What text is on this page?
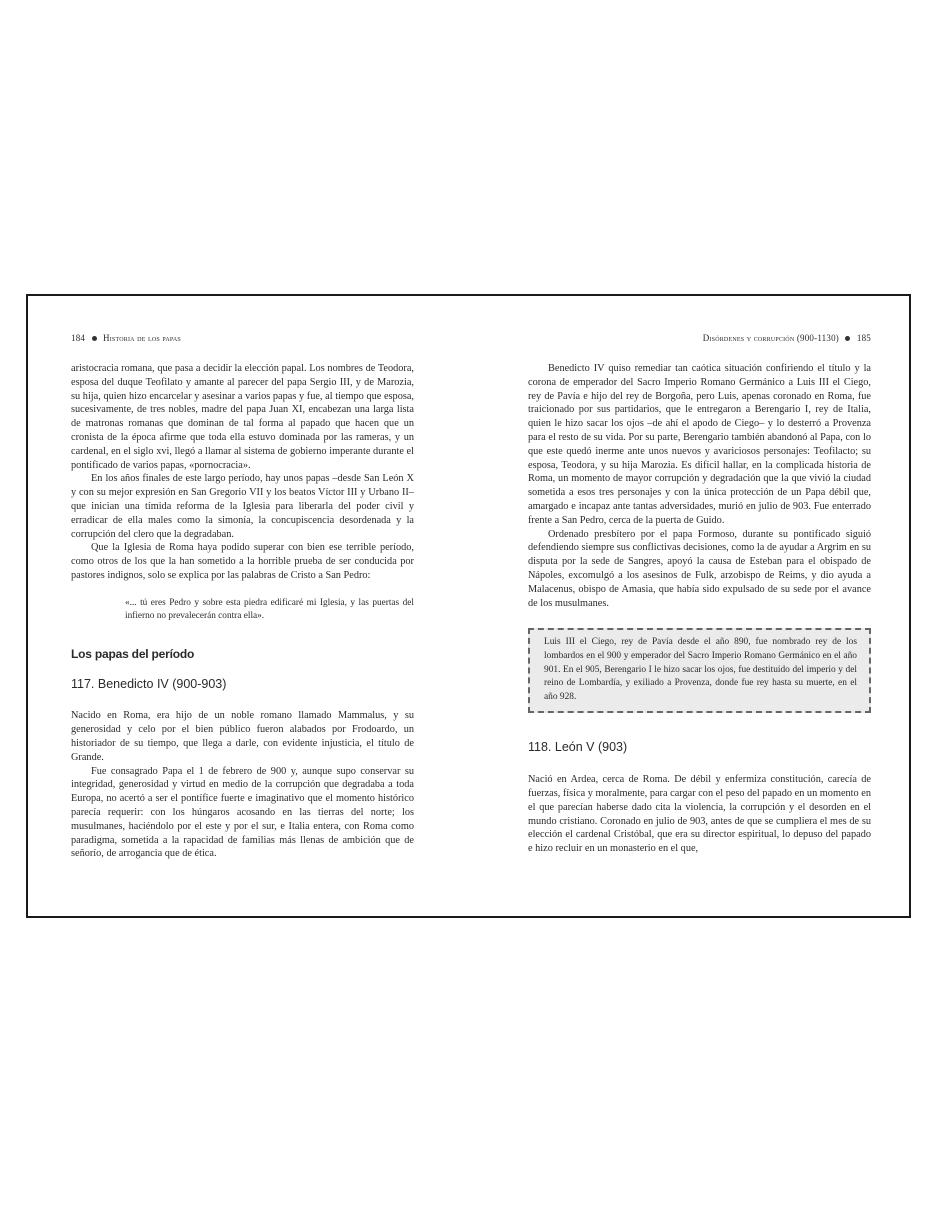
184 Historia de los papas

aristocracia romana, que pasa a decidir la elección papal. Los nombres de Teodora, esposa del duque Teofilato y amante al parecer del papa Sergio III, y de Marozia, su hija, quien hizo encarcelar y asesinar a varios papas y fue, al tiempo que esposa, sucesivamente, de tres nobles, madre del papa Juan XI, encabezan una larga lista de matronas romanas que dominan de tal forma al papado que hacen que un cronista de la época afirme que toda ella estuvo dominada por las rameras, y un cardenal, en el siglo xvi, llegó a llamar al sistema de gobierno imperante durante el pontificado de varios papas, «pornocracia».

En los años finales de este largo período, hay unos papas –desde San León X y con su mejor expresión en San Gregorio VII y los beatos Víctor III y Urbano II– que inician una tímida reforma de la Iglesia para liberarla del poder civil y erradicar de ella males como la simonía, la concupiscencia desordenada y la corrupción del clero que la degradaban.

Que la Iglesia de Roma haya podido superar con bien ese terrible período, como otros de los que la han sometido a la horrible prueba de ser conducida por pastores indignos, solo se explica por las palabras de Cristo a San Pedro:

«... tú eres Pedro y sobre esta piedra edificaré mi Iglesia, y las puertas del infierno no prevalecerán contra ella».
Los papas del período
117. Benedicto IV (900-903)

Nacido en Roma, era hijo de un noble romano llamado Mammalus, y su generosidad y celo por el bien público fueron alabados por Frodoardo, un historiador de su tiempo, que llega a darle, con evidente injusticia, el título de Grande.

Fue consagrado Papa el 1 de febrero de 900 y, aunque supo conservar su integridad, generosidad y virtud en medio de la corrupción que degradaba a toda Europa, no acertó a ser el pontífice fuerte e imaginativo que el momento histórico parecía requerir: con los húngaros acosando en las tierras del norte; los musulmanes, haciéndolo por el este y por el sur, e Italia entera, con Roma como paradigma, sometida a la rapacidad de familias más llenas de ambición que de señorío, de arrogancia que de ética.

Disórdenes y corrupción (900-1130) 185

Benedicto IV quiso remediar tan caótica situación confiriendo el título y la corona de emperador del Sacro Imperio Romano Germánico a Luis III el Ciego, rey de Pavía e hijo del rey de Borgoña, pero Luis, apenas coronado en Roma, fue traicionado por sus partidarios, que le entregaron a Berengario I, rey de Italia, quien le hizo sacar los ojos –de ahí el apodo de Ciego– y lo desterró a Provenza para el resto de su vida. Por su parte, Berengario también abandonó al Papa, con lo que este quedó inerme ante unos nuevos y avariciosos personajes: Teofilacto; su esposa, Teodora, y su hija Marozia. Es difícil hallar, en la complicada historia de Roma, un momento de mayor corrupción y degradación que la que vivió la ciudad sometida a esos tres personajes y con la única protección de un Papa débil que, amargado e incapaz ante tantas adversidades, murió en julio de 903. Fue enterrado frente a San Pedro, cerca de la puerta de Guido.

Ordenado presbítero por el papa Formoso, durante su pontificado siguió defendiendo siempre sus conflictivas decisiones, como la de ayudar a Argrim en su disputa por la sede de Sangres, apoyó la causa de Esteban para el obispado de Nápoles, excomulgó a los asesinos de Fulk, arzobispo de Reims, y dio ayuda a Malacenus, obispo de Amasia, que había sido expulsado de su sede por el avance de los musulmanes.

Luis III el Ciego, rey de Pavía desde el año 890, fue nombrado rey de los lombardos en el 900 y emperador del Sacro Imperio Romano Germánico en el año 901. En el 905, Berengario I le hizo sacar los ojos, fue destituido del imperio y del reino de Lombardía, y exiliado a Provenza, donde fue rey hasta su muerte, en el año 928.
118. León V (903)

Nació en Ardea, cerca de Roma. De débil y enfermiza constitución, carecía de fuerzas, física y moralmente, para cargar con el peso del papado en un momento en el que parecían haberse dado cita la violencia, la corrupción y el desorden en el mundo cristiano. Coronado en julio de 903, antes de que se cumpliera el mes de su elección el cardenal Cristóbal, que era su director espiritual, lo depuso del papado e hizo recluir en un monasterio en el que,
